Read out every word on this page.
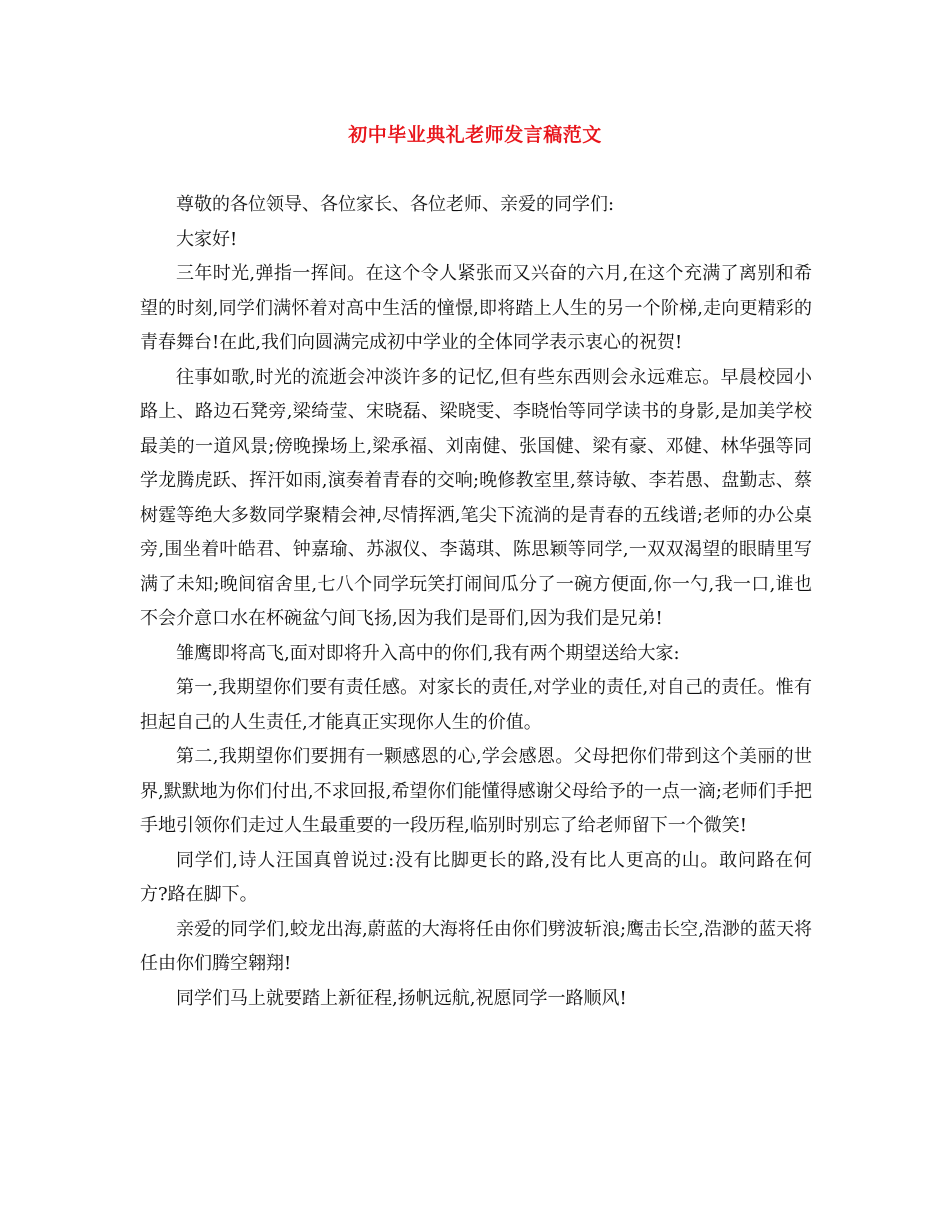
初中毕业典礼老师发言稿范文

尊敬的各位领导、各位家长、各位老师、亲爱的同学们:

大家好!

三年时光,弹指一挥间。在这个令人紧张而又兴奋的六月,在这个充满了离别和希望的时刻,同学们满怀着对高中生活的憧憬,即将踏上人生的另一个阶梯,走向更精彩的青春舞台!在此,我们向圆满完成初中学业的全体同学表示衷心的祝贺!

往事如歌,时光的流逝会冲淡许多的记忆,但有些东西则会永远难忘。早晨校园小路上、路边石凳旁,梁绮莹、宋晓磊、梁晓雯、李晓怡等同学读书的身影,是加美学校最美的一道风景;傍晚操场上,梁承福、刘南健、张国健、梁有豪、邓健、林华强等同学龙腾虎跃、挥汗如雨,演奏着青春的交响;晚修教室里,蔡诗敏、李若愚、盘勤志、蔡树霆等绝大多数同学聚精会神,尽情挥洒,笔尖下流淌的是青春的五线谱;老师的办公桌旁,围坐着叶皓君、钟嘉瑜、苏淑仪、李蔼琪、陈思颖等同学,一双双渴望的眼睛里写满了未知;晚间宿舍里,七八个同学玩笑打闹间瓜分了一碗方便面,你一勺,我一口,谁也不会介意口水在杯碗盆勺间飞扬,因为我们是哥们,因为我们是兄弟!

雏鹰即将高飞,面对即将升入高中的你们,我有两个期望送给大家:

第一,我期望你们要有责任感。对家长的责任,对学业的责任,对自己的责任。惟有担起自己的人生责任,才能真正实现你人生的价值。

第二,我期望你们要拥有一颗感恩的心,学会感恩。父母把你们带到这个美丽的世界,默默地为你们付出,不求回报,希望你们能懂得感谢父母给予的一点一滴;老师们手把手地引领你们走过人生最重要的一段历程,临别时别忘了给老师留下一个微笑!

同学们,诗人汪国真曾说过:没有比脚更长的路,没有比人更高的山。敢问路在何方?路在脚下。

亲爱的同学们,蛟龙出海,蔚蓝的大海将任由你们劈波斩浪;鹰击长空,浩渺的蓝天将任由你们腾空翱翔!

同学们马上就要踏上新征程,扬帆远航,祝愿同学一路顺风!
